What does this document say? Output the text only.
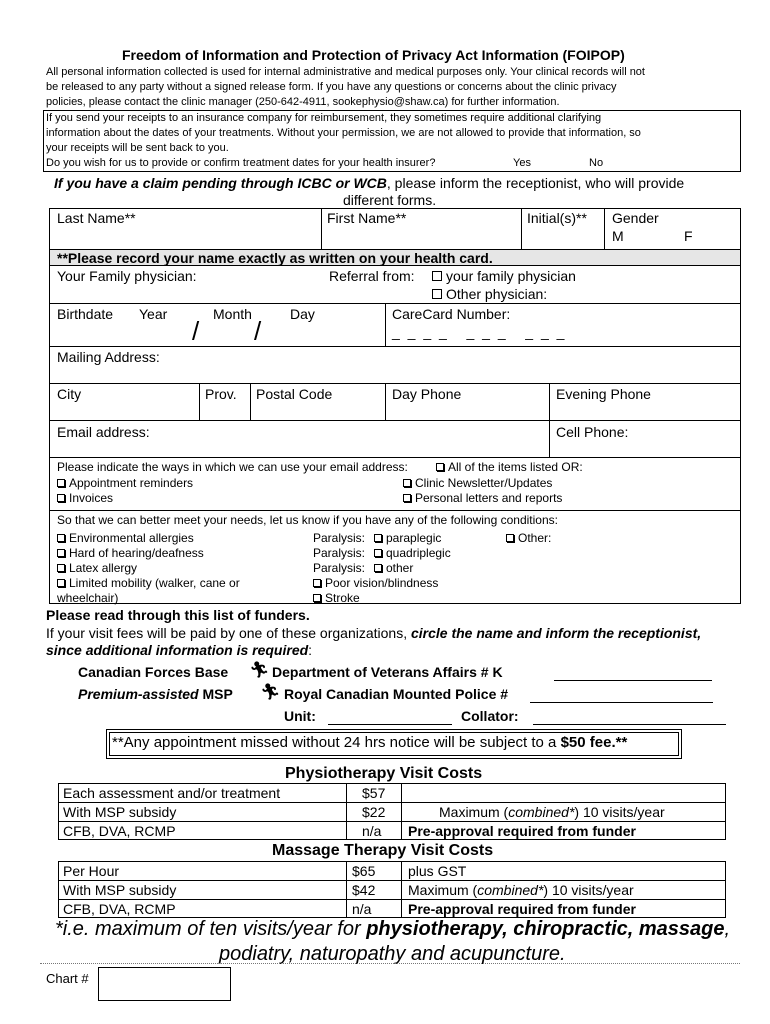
Freedom of Information and Protection of Privacy Act Information (FOIPOP)
All personal information collected is used for internal administrative and medical purposes only. Your clinical records will not
be released to any party without a signed release form. If you have any questions or concerns about the clinic privacy
policies, please contact the clinic manager (250-642-4911, sookephysio@shaw.ca) for further information.
If you send your receipts to an insurance company for reimbursement, they sometimes require additional clarifying
information about the dates of your treatments. Without your permission, we are not allowed to provide that information, so
your receipts will be sent back to you.
Do you wish for us to provide or confirm treatment dates for your health insurer?	Yes	No
If you have a claim pending through ICBC or WCB, please inform the receptionist, who will provide
different forms.
Last Name**	First Name**	Initial(s)** Gender
M	F
**Please record your name exactly as written on your health card.
Your Family physician:	Referral from:	your family physician
Other physician:
Birthdate Year	Month	Day
/ /
CareCard Number:
_ _ _ _   _ _ _   _ _ _
Mailing Address:
City	Prov. Postal Code	Day Phone	Evening Phone
Email address:	Cell Phone:
Please indicate the ways in which we can use your email address:	All of the items listed OR:
Appointment reminders
Invoices
Clinic Newsletter/Updates
Personal letters and reports
So that we can better meet your needs, let us know if you have any of the following conditions:
Environmental allergies
Hard of hearing/deafness
Latex allergy
Limited mobility (walker, cane or
wheelchair)
Paralysis:
Paralysis:
Paralysis:
paraplegic
quadriplegic
other
Poor vision/blindness
Stroke
Other:
Please read through this list of funders.
If your visit fees will be paid by one of these organizations, circle the name and inform the receptionist,
since additional information is required:
Canadian Forces Base 🏃︎ Department of Veterans Affairs # K
Premium-assisted MSP 🏃︎ Royal Canadian Mounted Police #
Unit:	Collator:
**Any appointment missed without 24 hrs notice will be subject to a $50 fee.**
Physiotherapy Visit Costs
Each assessment and/or treatment	$57
With MSP subsidy	$22	Maximum (combined*) 10 visits/year
CFB, DVA, RCMP	n/a Pre-approval required from funder
Massage Therapy Visit Costs
Per Hour	$65 plus GST
With MSP subsidy	$42 Maximum (combined*) 10 visits/year
CFB, DVA, RCMP	n/a	Pre-approval required from funder
*i.e. maximum of ten visits/year for physiotherapy, chiropractic, massage,
podiatry, naturopathy and acupuncture.
Chart #
